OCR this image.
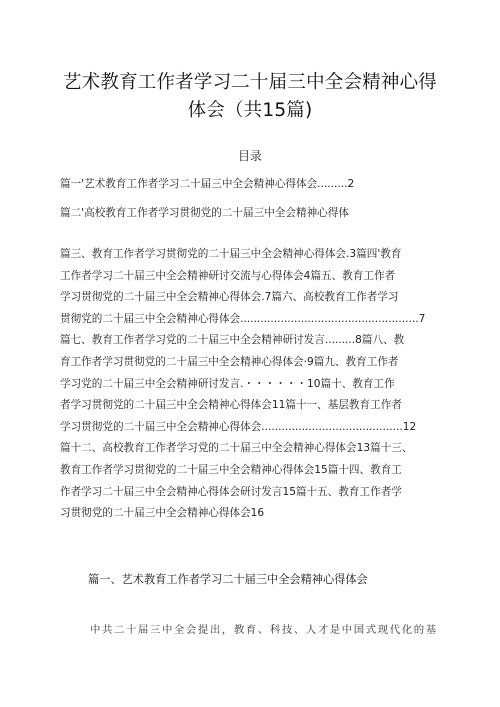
艺术教育工作者学习二十届三中全会精神心得
体会（共15篇)
目录
篇一'艺术教育工作者学习二十届三中全会精神心得体会.........2
篇二'高校教育工作者学习贯彻党的二十届三中全会精神心得体

篇三、教育工作者学习贯彻党的二十届三中全会精神心得体会.3篇四'教育

工作者学习二十届三中全会精神研讨交流与心得体会4篇五、教育工作者

学习贯彻党的二十届三中全会精神心得体会.7篇六、高校教育工作者学习

贯彻党的二十届三中全会精神心得体会.....................................................7

篇七、教育工作者学习党的二十届三中全会精神研讨发言.........8篇八、教

育工作者学习贯彻党的二十届三中全会精神心得体会·9篇九、教育工作者

学习党的二十届三中全会精神研讨发言.・・・・・・10篇十、教育工作

者学习贯彻党的二十届三中全会精神心得体会11篇十一、基层教育工作者

学习贯彻党的二十届三中全会精神心得体会..........................................12

篇十二、高校教育工作者学习党的二十届三中全会精神心得体会13篇十三、

教育工作者学习贯彻党的二十届三中全会精神心得体会15篇十四、教育工

作者学习二十届三中全会精神心得体会研讨发言15篇十五、教育工作者学

习贯彻党的二十届三中全会精神心得体会16

篇一、艺术教育工作者学习二十届三中全会精神心得体会
中共二十届三中全会提出，教育、科技、人才是中国式现代化的基
